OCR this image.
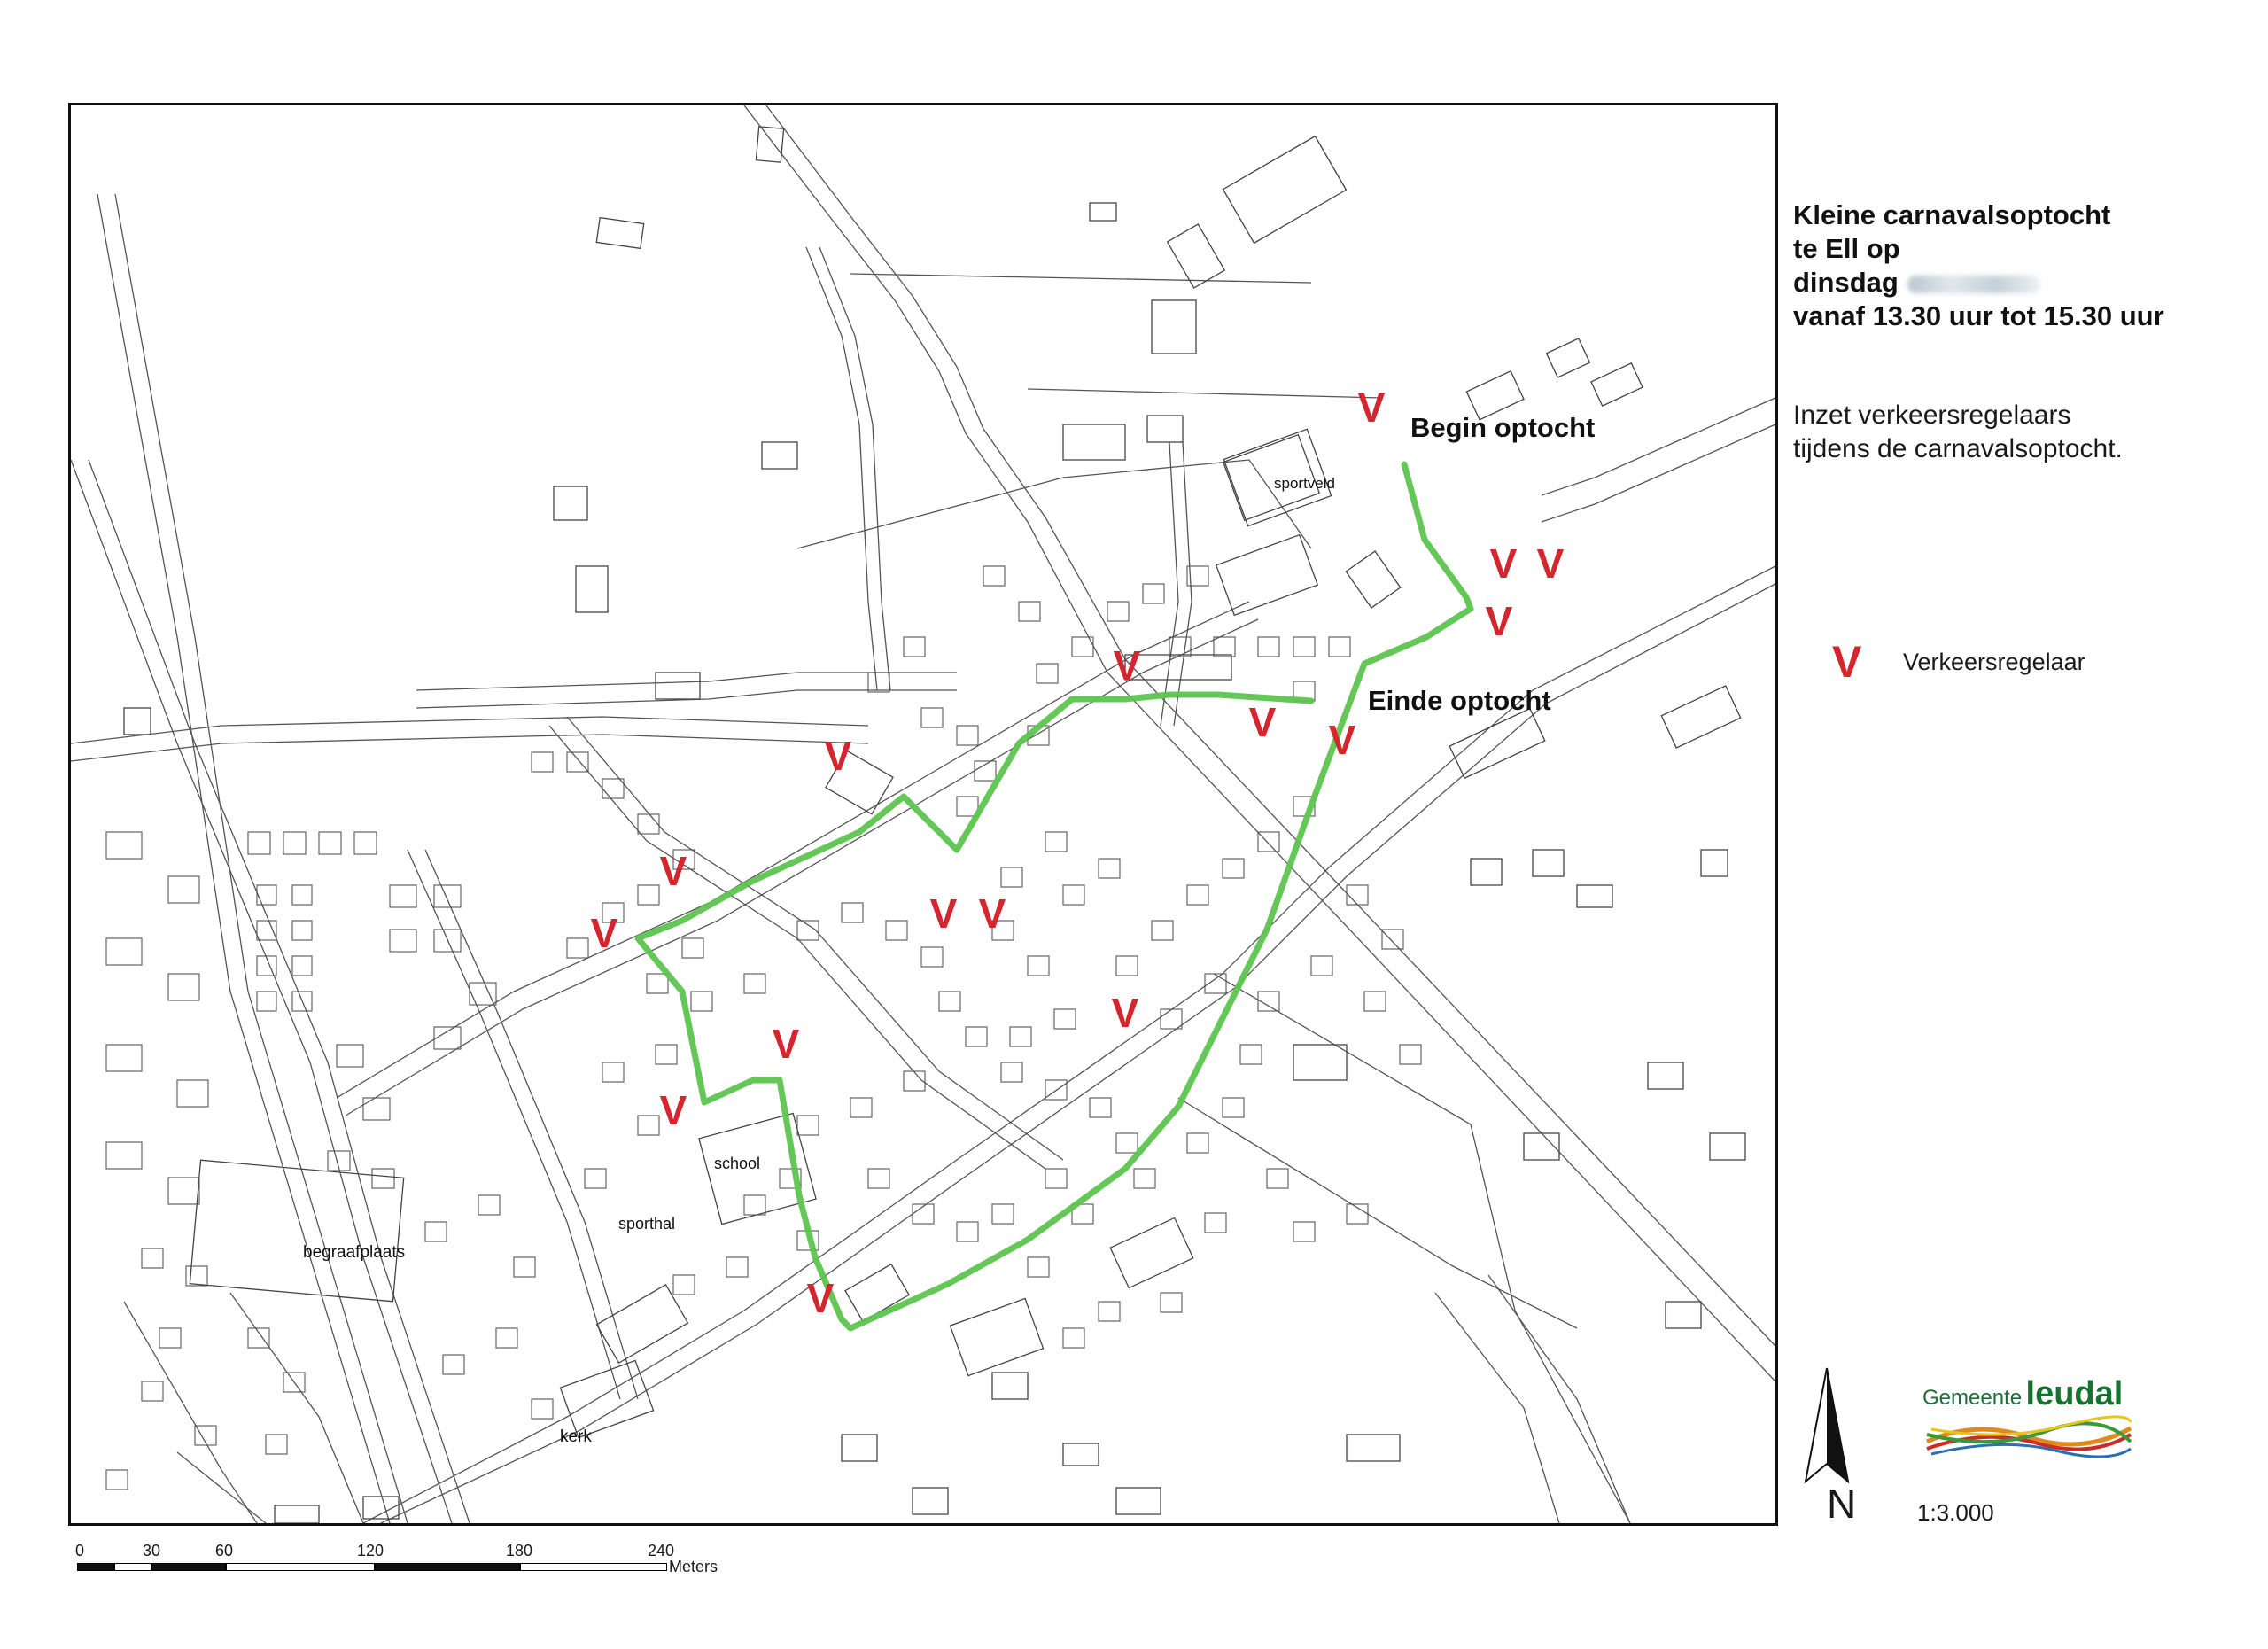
V
V V
V
V
V V
V
V
V	V V
V
V
V
V
Begin optocht
Einde optocht
sportveld
school
sporthal
begraafplaats
kerk
Kleine carnavalsoptocht
te Ell op
dinsdag
vanaf 13.30 uur tot 15.30 uur
Inzet verkeersregelaars
tijdens de carnavalsoptocht.
V	Verkeersregelaar
N	1:3.000
Gemeente leudal
0	30	60	120	180	240
Meters
